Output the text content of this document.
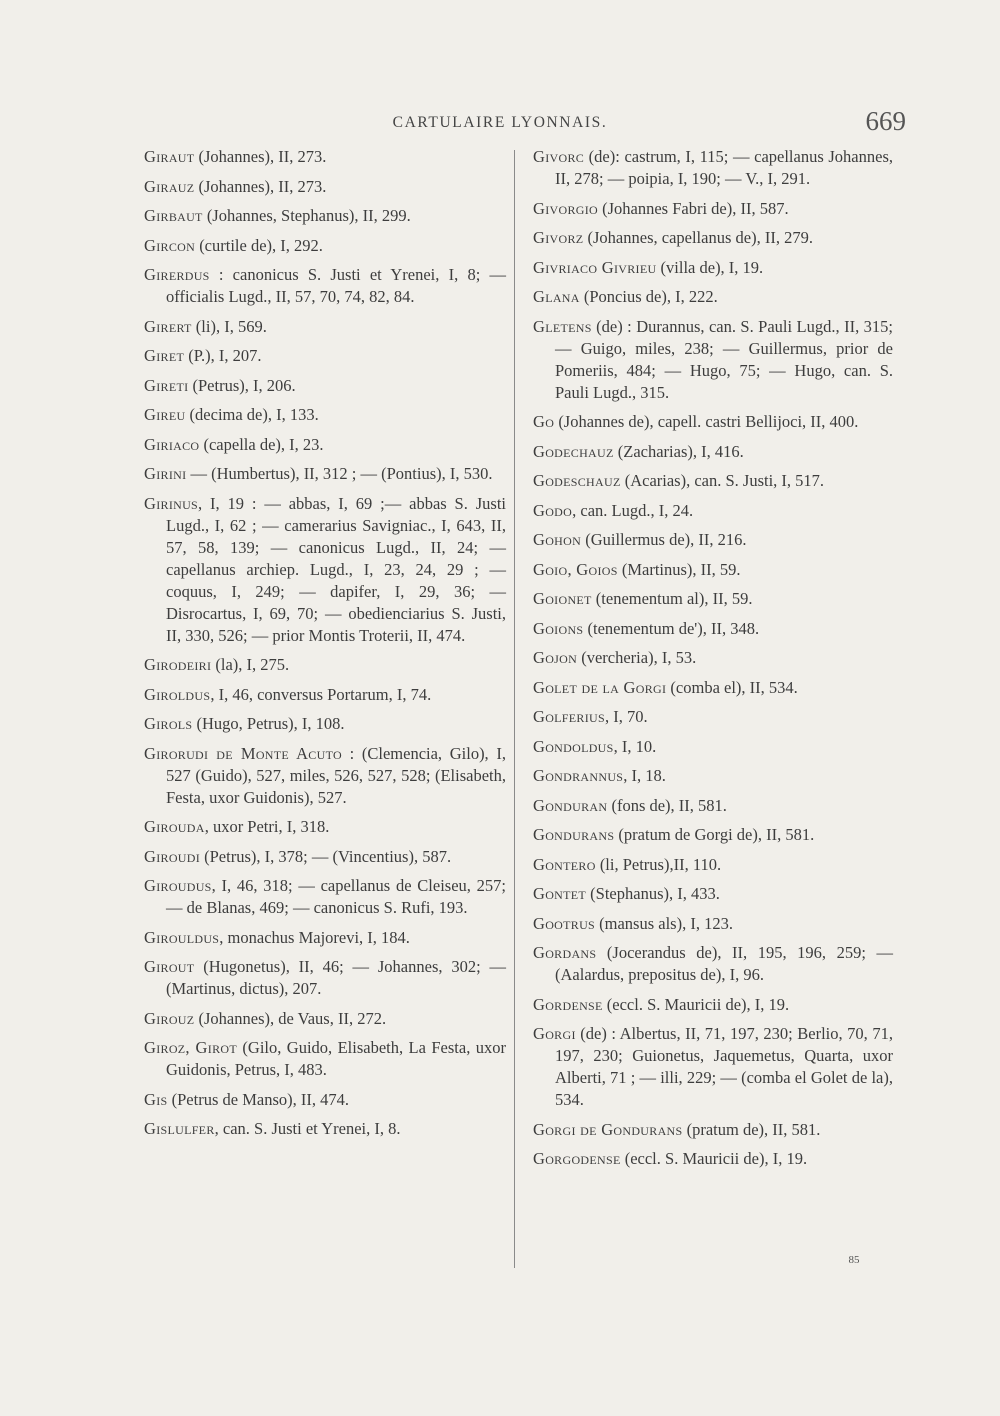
CARTULAIRE LYONNAIS.	669

Giraut (Johannes), II, 273.

Girauz (Johannes), II, 273.

Girbaut (Johannes, Stephanus), II, 299.

Gircon (curtile de), I, 292.

Girerdus : canonicus S. Justi et Yrenei, I, 8; — officialis Lugd., II, 57, 70, 74, 82, 84.

Girert (li), I, 569.

Giret (P.), I, 207.

Gireti (Petrus), I, 206.

Gireu (decima de), I, 133.

Giriaco (capella de), I, 23.

Girini — (Humbertus), II, 312 ; — (Pontius), I, 530.

Girinus, I, 19 : — abbas, I, 69 ;— abbas S. Justi Lugd., I, 62 ; — camerarius Savigniac., I, 643, II, 57, 58, 139; — canonicus Lugd., II, 24; — capellanus archiep. Lugd., I, 23, 24, 29 ; — coquus, I, 249; — dapifer, I, 29, 36; — Disrocartus, I, 69, 70; — obedienciarius S. Justi, II, 330, 526; — prior Montis Troterii, II, 474.

Girodeiri (la), I, 275.

Giroldus, I, 46, conversus Portarum, I, 74.

Girols (Hugo, Petrus), I, 108.

Girorudi de Monte Acuto : (Clemencia, Gilo), I, 527 (Guido), 527, miles, 526, 527, 528; (Elisabeth, Festa, uxor Guidonis), 527.

Girouda, uxor Petri, I, 318.

Giroudi (Petrus), I, 378; — (Vincentius), 587.

Giroudus, I, 46, 318; — capellanus de Cleiseu, 257; — de Blanas, 469; — canonicus S. Rufi, 193.

Girouldus, monachus Majorevi, I, 184.

Girout (Hugonetus), II, 46; — Johannes, 302; — (Martinus, dictus), 207.

Girouz (Johannes), de Vaus, II, 272.

Giroz, Girot (Gilo, Guido, Elisabeth, La Festa, uxor Guidonis, Petrus, I, 483.

Gis (Petrus de Manso), II, 474.

Gislulfer, can. S. Justi et Yrenei, I, 8.

Givorc (de): castrum, I, 115; — capellanus Johannes, II, 278; — poipia, I, 190; — V., I, 291.

Givorgio (Johannes Fabri de), II, 587.

Givorz (Johannes, capellanus de), II, 279.

Givriaco Givrieu (villa de), I, 19.

Glana (Poncius de), I, 222.

Gletens (de) : Durannus, can. S. Pauli Lugd., II, 315; — Guigo, miles, 238; — Guillermus, prior de Pomeriis, 484; — Hugo, 75; — Hugo, can. S. Pauli Lugd., 315.

Go (Johannes de), capell. castri Bellijoci, II, 400.

Godechauz (Zacharias), I, 416.

Godeschauz (Acarias), can. S. Justi, I, 517.

Godo, can. Lugd., I, 24.

Gohon (Guillermus de), II, 216.

Goio, Goios (Martinus), II, 59.

Goionet (tenementum al), II, 59.

Goions (tenementum de'), II, 348.

Gojon (vercheria), I, 53.

Golet de la Gorgi (comba el), II, 534.

Golferius, I, 70.

Gondoldus, I, 10.

Gondrannus, I, 18.

Gonduran (fons de), II, 581.

Gondurans (pratum de Gorgi de), II, 581.

Gontero (li, Petrus),II, 110.

Gontet (Stephanus), I, 433.

Gootrus (mansus als), I, 123.

Gordans (Jocerandus de), II, 195, 196, 259; — (Aalardus, prepositus de), I, 96.

Gordense (eccl. S. Mauricii de), I, 19.

Gorgi (de) : Albertus, II, 71, 197, 230; Berlio, 70, 71, 197, 230; Guionetus, Jaquemetus, Quarta, uxor Alberti, 71 ; — illi, 229; — (comba el Golet de la), 534.

Gorgi de Gondurans (pratum de), II, 581.

Gorgodense (eccl. S. Mauricii de), I, 19.

85
